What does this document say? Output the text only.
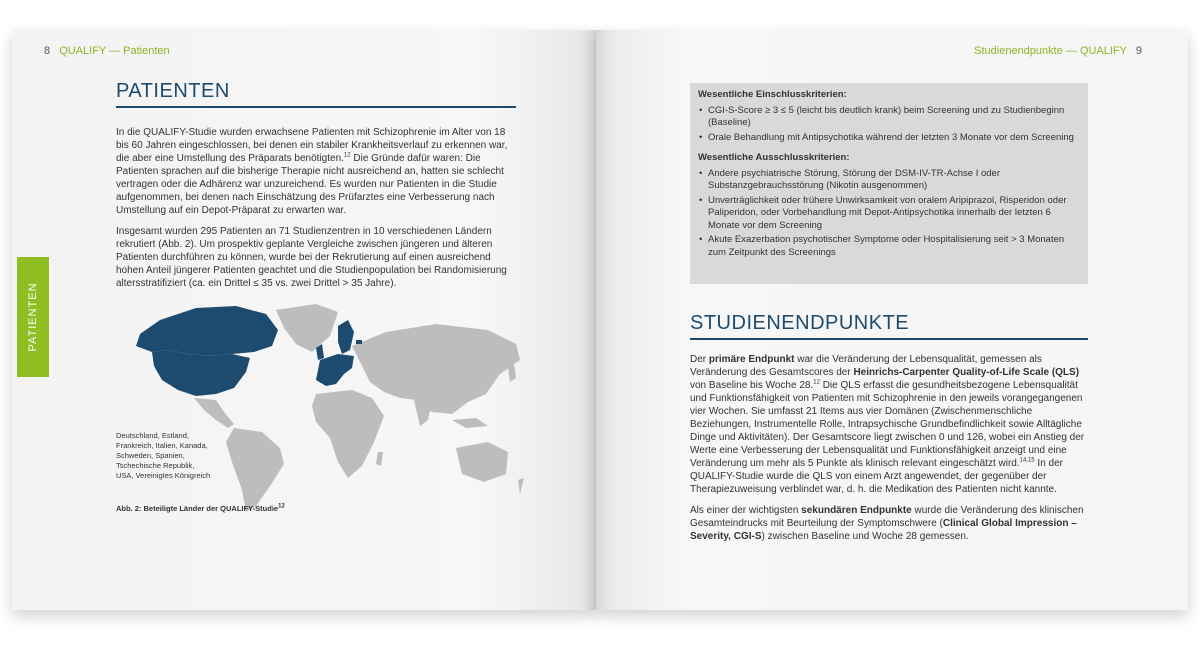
8 QUALIFY — Patienten
PATIENTEN
PATIENTEN

In die QUALIFY-Studie wurden erwachsene Patienten mit Schizophrenie im Alter von 18 bis 60 Jahren eingeschlossen, bei denen ein stabiler Krankheitsverlauf zu erkennen war, die aber eine Umstellung des Präparats benötigten.$^{12}$ Die Gründe dafür waren: Die Patienten sprachen auf die bisherige Therapie nicht ausreichend an, hatten sie schlecht vertragen oder die Adhärenz war unzureichend. Es wurden nur Patienten in die Studie aufgenommen, bei denen nach Einschätzung des Prüfarztes eine Verbesserung nach Umstellung auf ein Depot-Präparat zu erwarten war.

Insgesamt wurden 295 Patienten an 71 Studienzentren in 10 verschiedenen Ländern rekrutiert (Abb. 2). Um prospektiv geplante Vergleiche zwischen jüngeren und älteren Patienten durchführen zu können, wurde bei der Rekrutierung auf einen ausreichend hohen Anteil jüngerer Patienten geachtet und die Studienpopulation bei Randomisierung altersstratifiziert (ca. ein Drittel ≤ 35 vs. zwei Drittel > 35 Jahre).

Deutschland, Estland,
Frankreich, Italien, Kanada,
Schweden, Spanien,
Tschechische Republik,
USA, Vereinigtes Königreich
Abb. 2: Beteiligte Länder der QUALIFY-Studie$^{12}$
Studienendpunkte — QUALIFY 9
Wesentliche Einschlusskriterien:
• CGI-S-Score ≥ 3 ≤ 5 (leicht bis deutlich krank) beim Screening und zu Studienbeginn (Baseline)
• Orale Behandlung mit Antipsychotika während der letzten 3 Monate vor dem Screening
Wesentliche Ausschlusskriterien:
• Andere psychiatrische Störung, Störung der DSM-IV-TR-Achse I oder Substanzgebrauchsstörung (Nikotin ausgenommen)
• Unverträglichkeit oder frühere Unwirksamkeit von oralem Aripiprazol, Risperidon oder Paliperidon, oder Vorbehandlung mit Depot-Antipsychotika innerhalb der letzten 6 Monate vor dem Screening
• Akute Exazerbation psychotischer Symptome oder Hospitalisierung seit > 3 Monaten zum Zeitpunkt des Screenings
STUDIENENDPUNKTE

Der primäre Endpunkt war die Veränderung der Lebensqualität, gemessen als Veränderung des Gesamtscores der Heinrichs-Carpenter Quality-of-Life Scale (QLS) von Baseline bis Woche 28.12 Die QLS erfasst die gesundheitsbezogene Lebensqualität und Funktionsfähigkeit von Patienten mit Schizophrenie in den jeweils vorangegangenen vier Wochen. Sie umfasst 21 Items aus vier Domänen (Zwischenmenschliche Beziehungen, Instrumentelle Rolle, Intrapsychische Grundbefindlichkeit sowie Alltägliche Dinge und Aktivitäten). Der Gesamtscore liegt zwischen 0 und 126, wobei ein Anstieg der Werte eine Verbesserung der Lebensqualität und Funktionsfähigkeit anzeigt und eine Veränderung um mehr als 5 Punkte als klinisch relevant eingeschätzt wird.$^{14,15}$ In der QUALIFY-Studie wurde die QLS von einem Arzt angewendet, der gegenüber der Therapiezuweisung verblindet war, d. h. die Medikation des Patienten nicht kannte.

Als einer der wichtigsten sekundären Endpunkte wurde die Veränderung des klinischen Gesamteindrucks mit Beurteilung der Symptomschwere (Clinical Global Impression – Severity, CGI-S) zwischen Baseline und Woche 28 gemessen.
